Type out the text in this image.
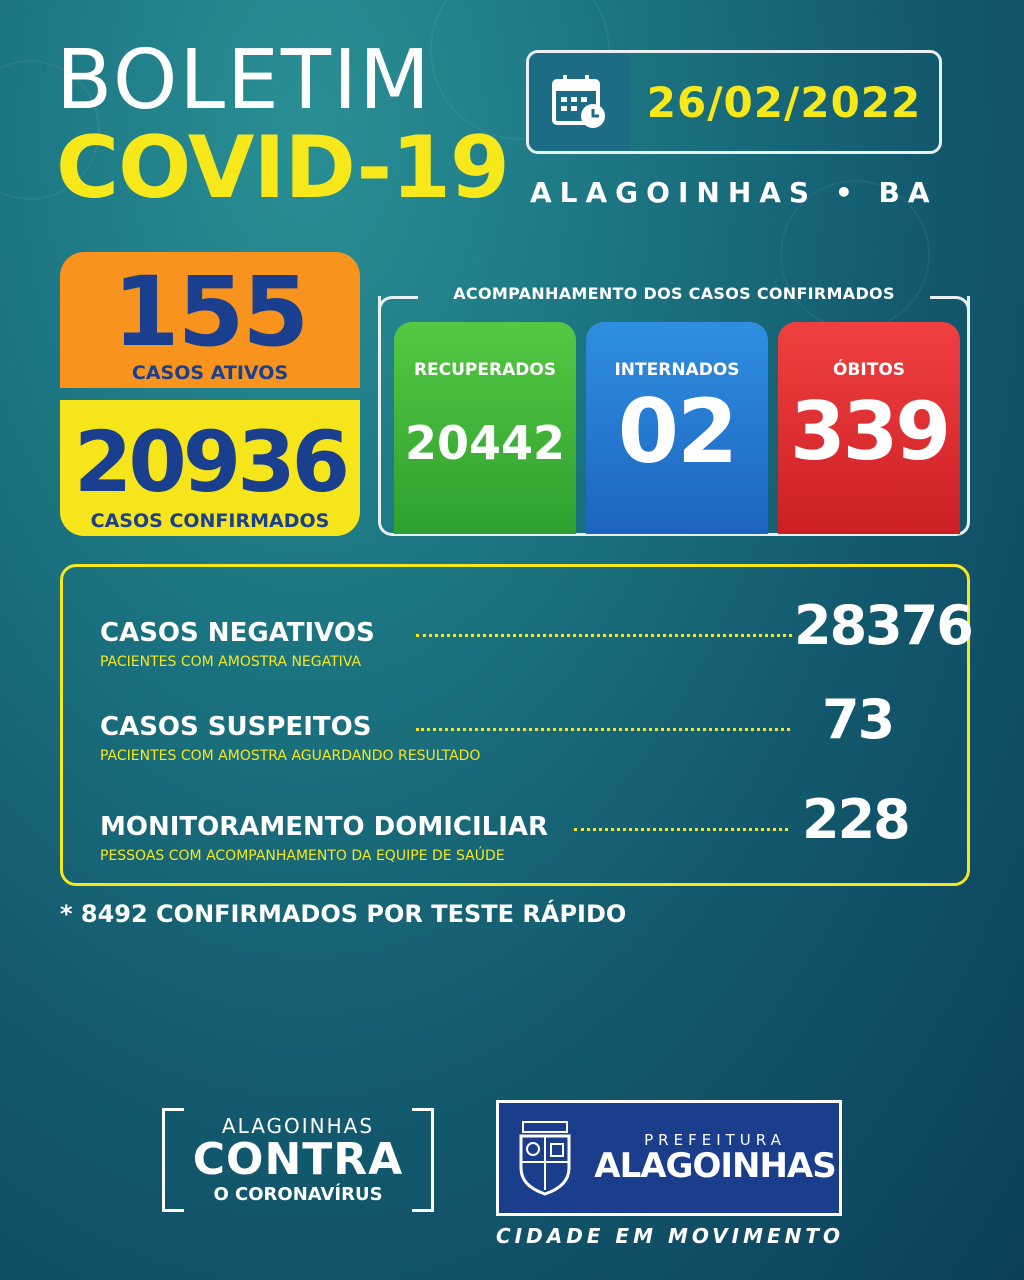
BOLETIM
COVID-19
26/02/2022
ALAGOINHAS • BA
155
CASOS ATIVOS
20936
CASOS CONFIRMADOS
ACOMPANHAMENTO DOS CASOS CONFIRMADOS
RECUPERADOS
20442
INTERNADOS
02
ÓBITOS
339
CASOS NEGATIVOS
PACIENTES COM AMOSTRA NEGATIVA
28376
CASOS SUSPEITOS
PACIENTES COM AMOSTRA AGUARDANDO RESULTADO
73
MONITORAMENTO DOMICILIAR
PESSOAS COM ACOMPANHAMENTO DA EQUIPE DE SAÚDE
228
* 8492 CONFIRMADOS POR TESTE RÁPIDO
ALAGOINHAS
CONTRA
O CORONAVÍRUS
PREFEITURA
ALAGOINHAS
CIDADE EM MOVIMENTO
